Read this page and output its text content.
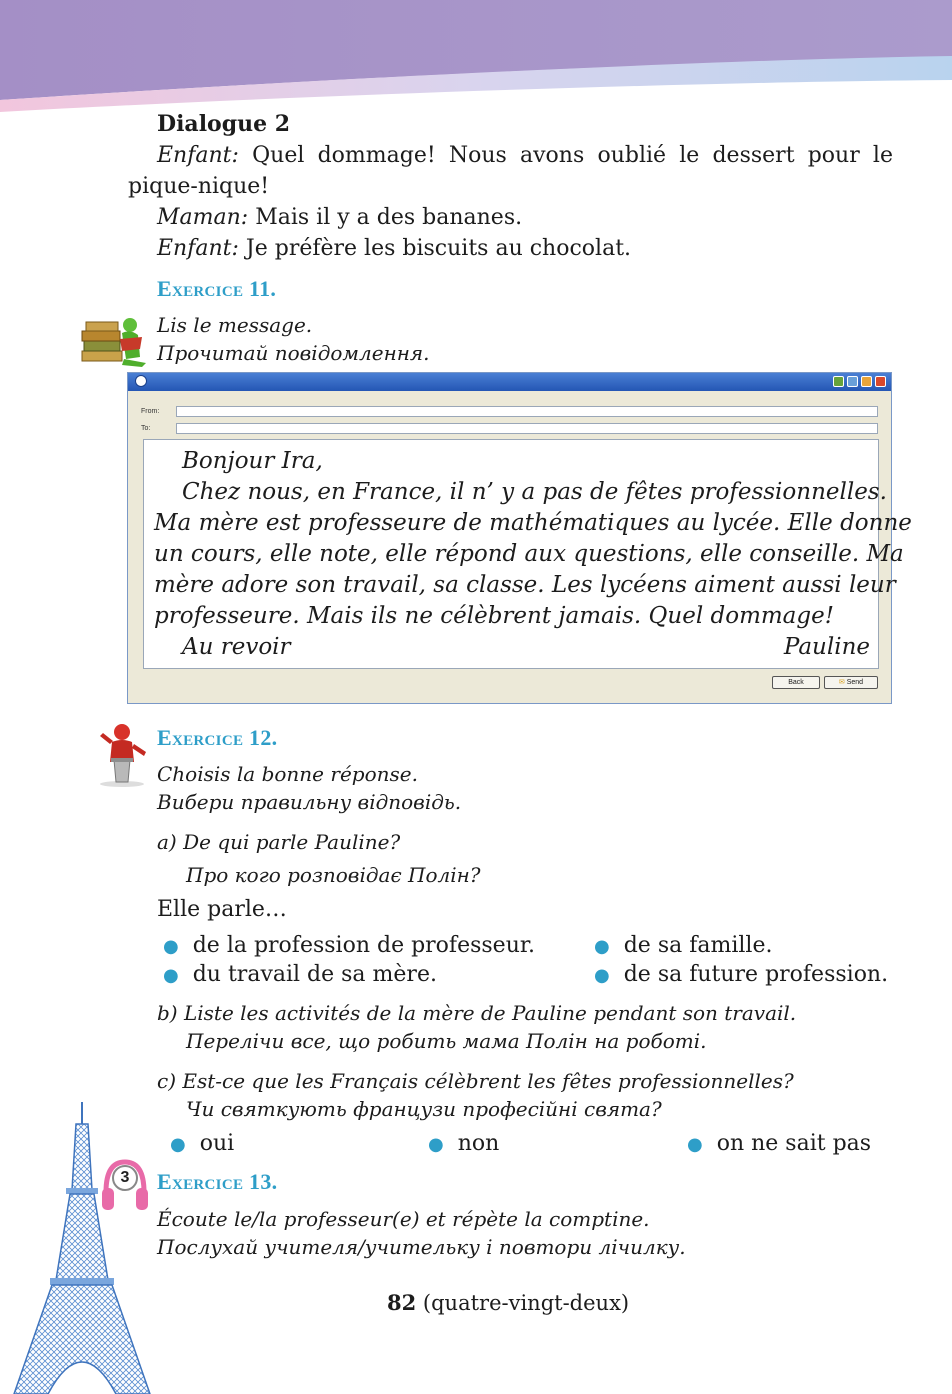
Dialogue 2
Enfant: Quel dommage! Nous avons oublié le dessert pour le
pique-nique!
Maman: Mais il y a des bananes.
Enfant: Je préfère les biscuits au chocolat.
Exercice 11.
Lis le message.
Прочитай повідомлення.
From:
To:
Bonjour Ira,
Chez nous, en France, il n’ y a pas de fêtes professionnelles.
Ma mère est professeure de mathématiques au lycée. Elle donne
un cours, elle note, elle répond aux questions, elle conseille. Ma
mère adore son travail, sa classe. Les lycéens aiment aussi leur
professeure. Mais ils ne célèbrent jamais. Quel dommage!
Au revoir	Pauline
Back	✉ Send
Exercice 12.
Choisis la bonne réponse.
Вибери правильну відповідь.
a) De qui parle Pauline?
Про кого розповідає Полін?
Elle parle…
● de la profession de professeur.	● de sa famille.
● du travail de sa mère.	● de sa future profession.
b) Liste les activités de la mère de Pauline pendant son travail.
Перелічи все, що робить мама Полін на роботі.
c) Est-ce que les Français célèbrent les fêtes professionnelles?
Чи святкують французи професійні свята?
● oui	● non	● on ne sait pas
3 Exercice 13.
Écoute le/la professeur(e) et répète la comptine.
Послухай учителя/учительку і повтори лічилку.
82 (quatre-vingt-deux)
